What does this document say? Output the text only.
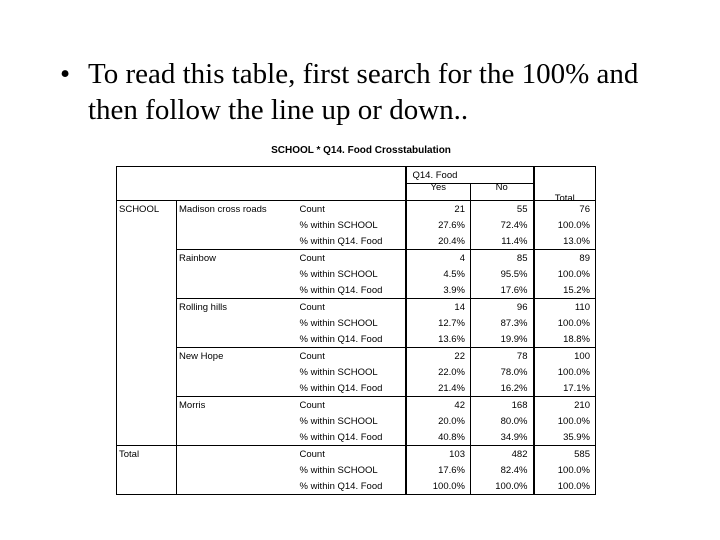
• To read this table, first search for the 100% and then follow the line up or down..
SCHOOL * Q14. Food Crosstabulation
			Q14. Food		

			Yes	No	Total

SCHOOL	Madison cross roads	Count	21	55	76
		% within SCHOOL	27.6%	72.4%	100.0%
		% within Q14. Food	20.4%	11.4%	13.0%
	Rainbow	Count	4	85	89
		% within SCHOOL	4.5%	95.5%	100.0%
		% within Q14. Food	3.9%	17.6%	15.2%
	Rolling hills	Count	14	96	110
		% within SCHOOL	12.7%	87.3%	100.0%
		% within Q14. Food	13.6%	19.9%	18.8%
	New Hope	Count	22	78	100
		% within SCHOOL	22.0%	78.0%	100.0%
		% within Q14. Food	21.4%	16.2%	17.1%
	Morris	Count	42	168	210
		% within SCHOOL	20.0%	80.0%	100.0%
		% within Q14. Food	40.8%	34.9%	35.9%
Total		Count	103	482	585
		% within SCHOOL	17.6%	82.4%	100.0%
		% within Q14. Food	100.0%	100.0%	100.0%
